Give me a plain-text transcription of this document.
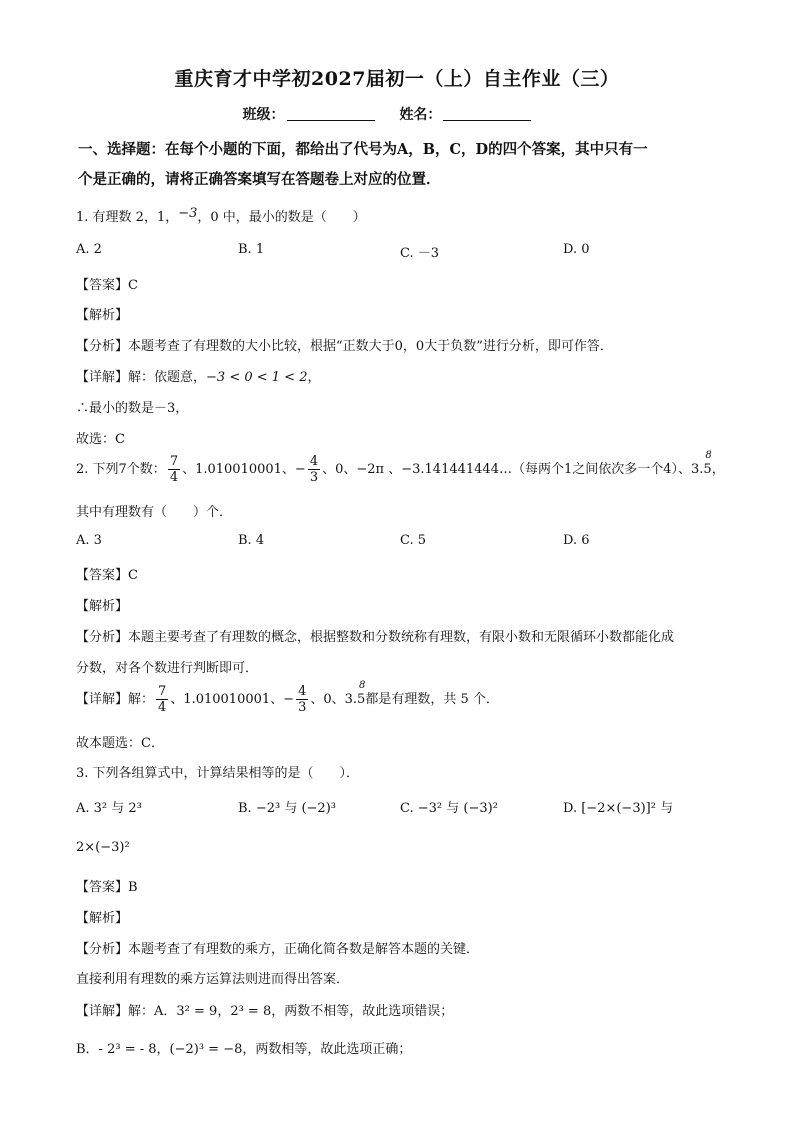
重庆育才中学初2027届初一（上）自主作业（三）
班级：	姓名：
一、选择题：在每个小题的下面，都给出了代号为A，B，C，D的四个答案，其中只有一
个是正确的，请将正确答案填写在答题卷上对应的位置．
1. 有理数 2，1，−3，0 中，最小的数是（　　）
A. 2	B. 1	C. －3	D. 0
【答案】C
【解析】
【分析】本题考查了有理数的大小比较，根据“正数大于0，0大于负数”进行分析，即可作答．
【详解】解：依题意，−3 < 0 < 1 < 2，
∴最小的数是－3，
故选：C
2. 下列7个数： $\frac{7}{4}$ 、1.010010001、− $\frac{4}{3}$ 、0、−2π 、−3.141441444…（每两个1之间依次多一个4）、3.5
8
，
其中有理数有（　　）个．
A. 3	B. 4	C. 5	D. 6
【答案】C
【解析】
【分析】本题主要考查了有理数的概念，根据整数和分数统称有理数，有限小数和无限循环小数都能化成
分数，对各个数进行判断即可．
【详解】解： $\frac{7}{4}$ 、1.010010001、− $\frac{4}{3}$ 、0、3.5
8
都是有理数，共 5 个．
故本题选：C．
3. 下列各组算式中，计算结果相等的是（　　）．
A. 3² 与 2³	B. −2³ 与 (−2)³	C. −3² 与 (−3)²	D. [−2×(−3)]² 与
2×(−3)²
【答案】B
【解析】
【分析】本题考查了有理数的乘方，正确化简各数是解答本题的关键．
直接利用有理数的乘方运算法则进而得出答案．
【详解】解：A．3² = 9，2³ = 8，两数不相等，故此选项错误；
B．- 2³ = - 8，(−2)³ = −8，两数相等，故此选项正确；
